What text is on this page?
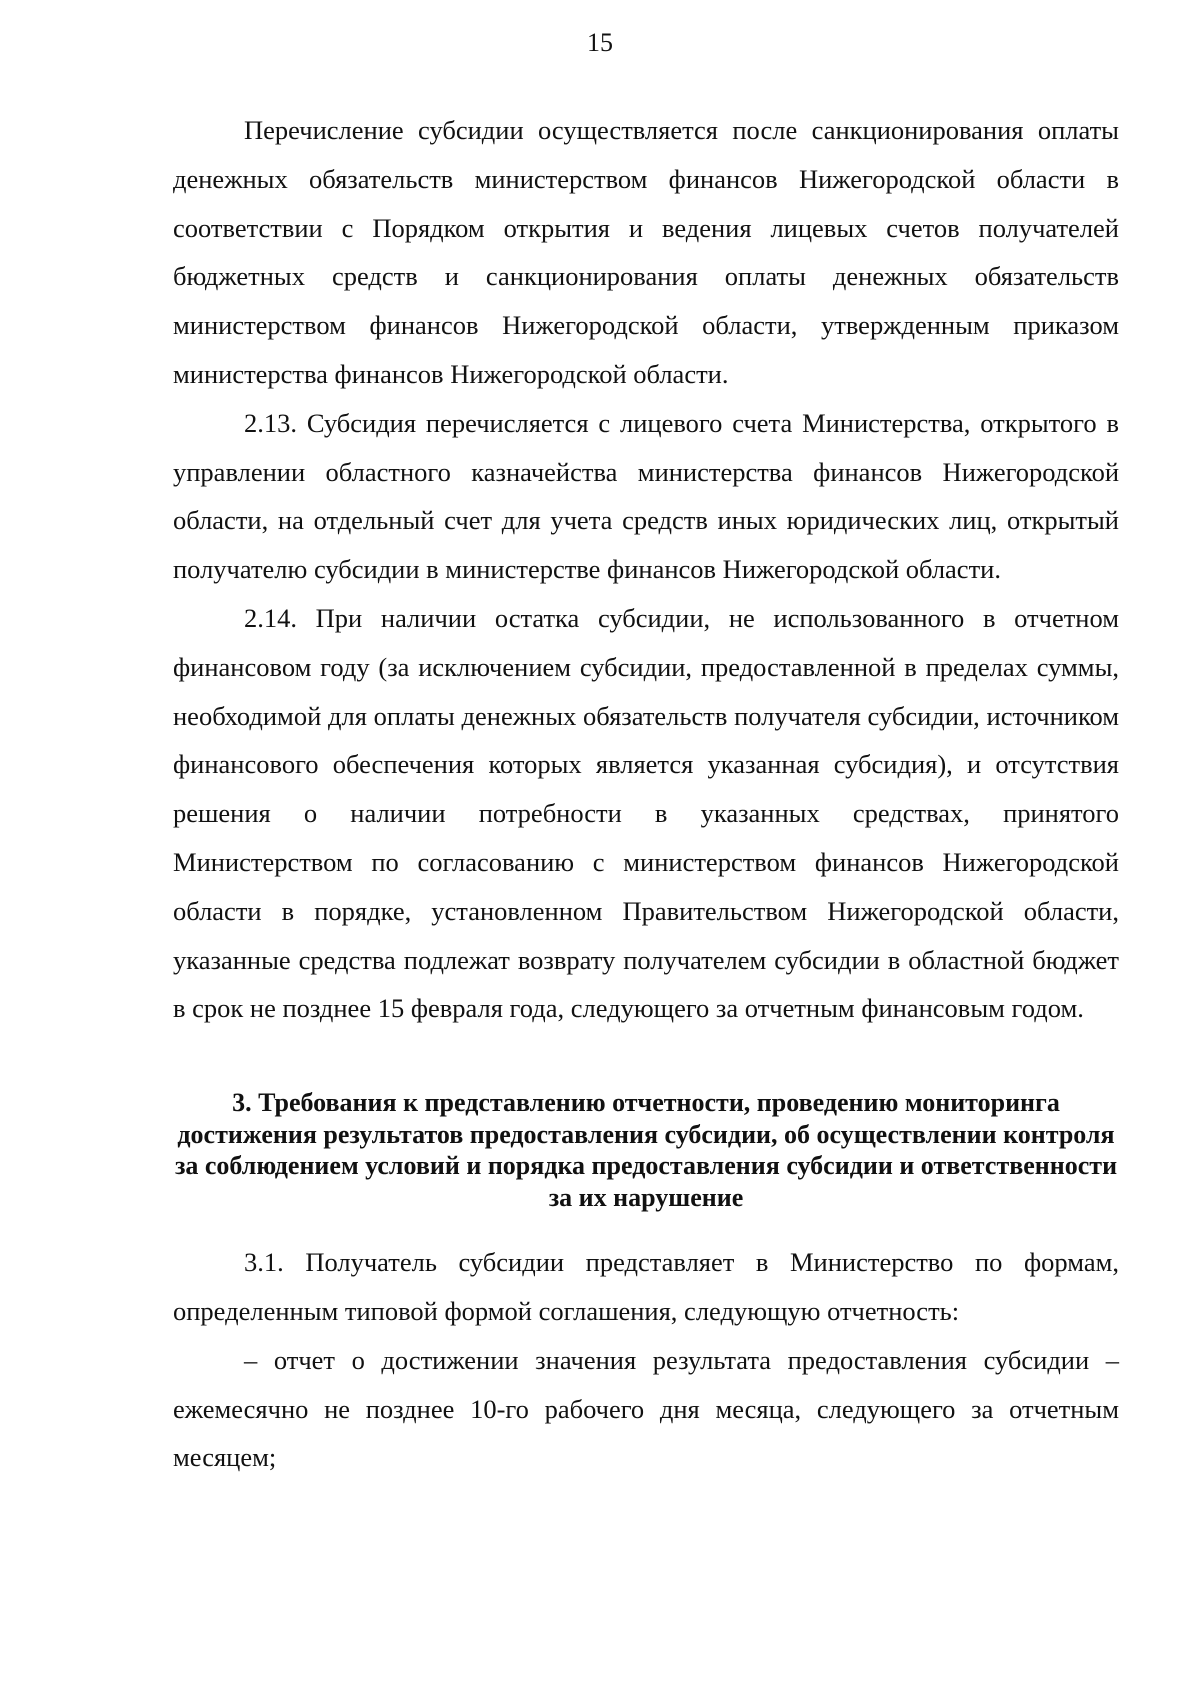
15

Перечисление субсидии осуществляется после санкционирования оплаты денежных обязательств министерством финансов Нижегородской области в соответствии с Порядком открытия и ведения лицевых счетов получателей бюджетных средств и санкционирования оплаты денежных обязательств министерством финансов Нижегородской области, утвержденным приказом министерства финансов Нижегородской области.

2.13. Субсидия перечисляется с лицевого счета Министерства, открытого в управлении областного казначейства министерства финансов Нижегородской области, на отдельный счет для учета средств иных юридических лиц, открытый получателю субсидии в министерстве финансов Нижегородской области.

2.14. При наличии остатка субсидии, не использованного в отчетном финансовом году (за исключением субсидии, предоставленной в пределах суммы, необходимой для оплаты денежных обязательств получателя субсидии, источником финансового обеспечения которых является указанная субсидия), и отсутствия решения о наличии потребности в указанных средствах, принятого Министерством по согласованию с министерством финансов Нижегородской области в порядке, установленном Правительством Нижегородской области, указанные средства подлежат возврату получателем субсидии в областной бюджет в срок не позднее 15 февраля года, следующего за отчетным финансовым годом.

3. Требования к представлению отчетности, проведению мониторинга достижения результатов предоставления субсидии, об осуществлении контроля за соблюдением условий и порядка предоставления субсидии и ответственности за их нарушение

3.1. Получатель субсидии представляет в Министерство по формам, определенным типовой формой соглашения, следующую отчетность:

– отчет о достижении значения результата предоставления субсидии – ежемесячно не позднее 10-го рабочего дня месяца, следующего за отчетным месяцем;
